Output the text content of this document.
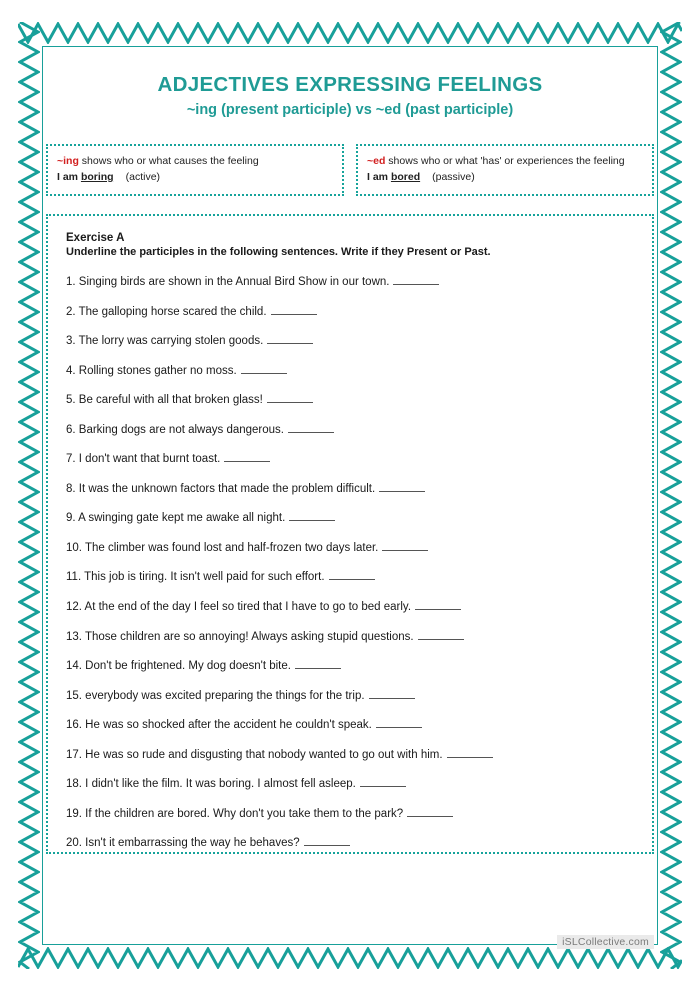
ADJECTIVES EXPRESSING FEELINGS
~ing (present participle) vs ~ed (past participle)
~ing shows who or what causes the feeling
I am boring (active)
~ed shows who or what 'has' or experiences the feeling
I am bored (passive)
Exercise A
Underline the participles in the following sentences. Write if they Present or Past.
1. Singing birds are shown in the Annual Bird Show in our town.
2. The galloping horse scared the child.
3. The lorry was carrying stolen goods.
4. Rolling stones gather no moss.
5. Be careful with all that broken glass!
6. Barking dogs are not always dangerous.
7. I don't want that burnt toast.
8. It was the unknown factors that made the problem difficult.
9. A swinging gate kept me awake all night.
10. The climber was found lost and half-frozen two days later.
11. This job is tiring. It isn't well paid for such effort.
12. At the end of the day I feel so tired that I have to go to bed early.
13. Those children are so annoying! Always asking stupid questions.
14. Don't be frightened. My dog doesn't bite.
15. everybody was excited preparing the things for the trip.
16. He was so shocked after the accident he couldn't speak.
17. He was so rude and disgusting that nobody wanted to go out with him.
18. I didn't like the film. It was boring. I almost fell asleep.
19. If the children are bored. Why don't you take them to the park?
20. Isn't it embarrassing the way he behaves?
iSLCollective.com
